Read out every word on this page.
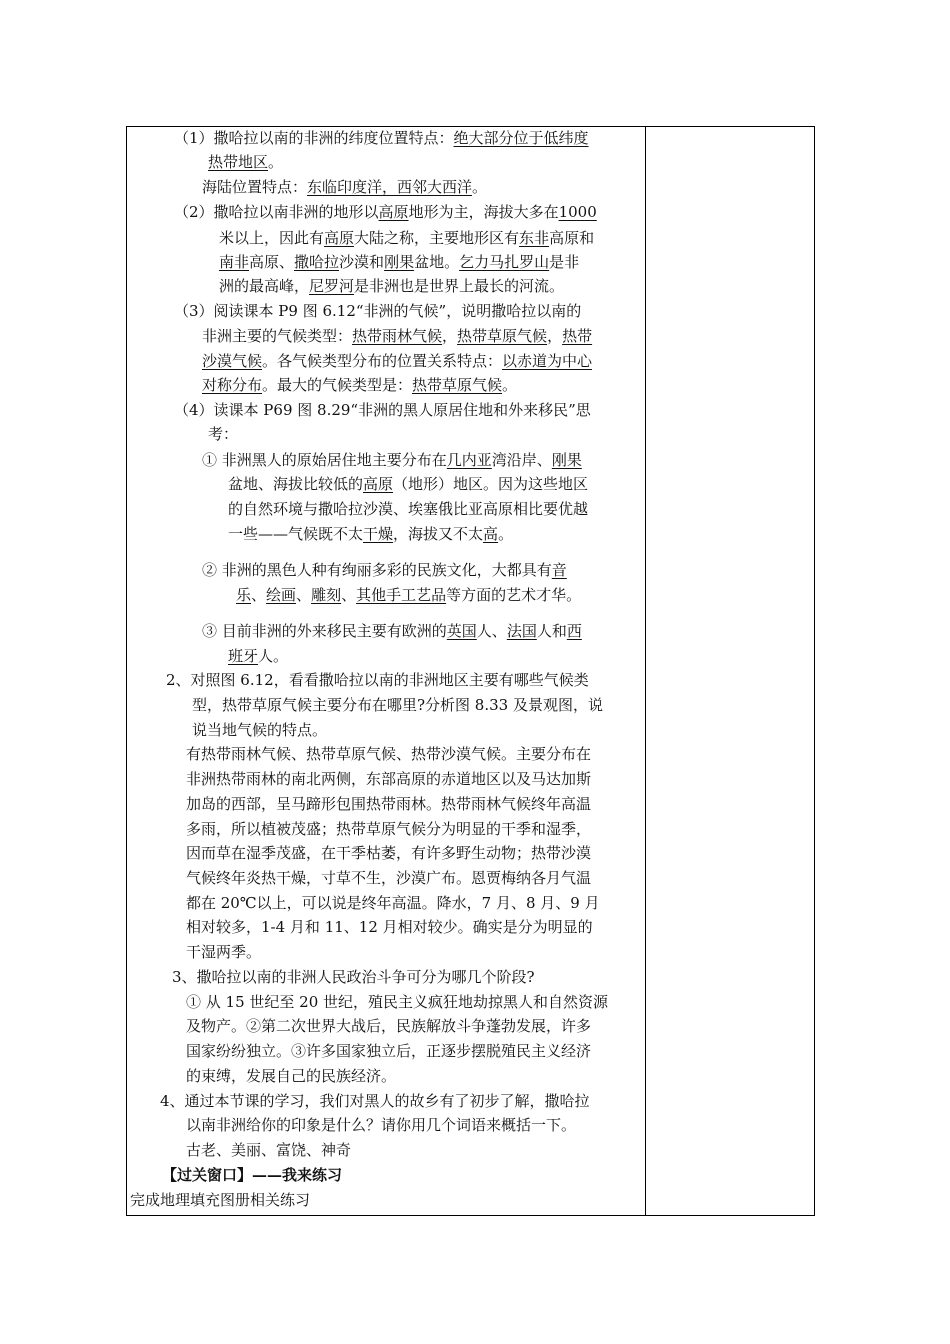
（1）撒哈拉以南的非洲的纬度位置特点：绝大部分位于低纬度
热带地区。
海陆位置特点：东临印度洋，西邻大西洋。
（2）撒哈拉以南非洲的地形以高原地形为主，海拔大多在1000
米以上，因此有高原大陆之称，主要地形区有东非高原和
南非高原、撒哈拉沙漠和刚果盆地。乞力马扎罗山是非
洲的最高峰，尼罗河是非洲也是世界上最长的河流。
（3）阅读课本 P9 图 6.12“非洲的气候”，说明撒哈拉以南的
非洲主要的气候类型：热带雨林气候，热带草原气候，热带
沙漠气候。各气候类型分布的位置关系特点：以赤道为中心
对称分布。最大的气候类型是：热带草原气候。
（4）读课本 P69 图 8.29“非洲的黑人原居住地和外来移民”思
考：
① 非洲黑人的原始居住地主要分布在几内亚湾沿岸、刚果
盆地、海拔比较低的高原（地形）地区。因为这些地区
的自然环境与撒哈拉沙漠、埃塞俄比亚高原相比要优越
一些——气候既不太干燥，海拔又不太高。
② 非洲的黑色人种有绚丽多彩的民族文化，大都具有音
乐、绘画、雕刻、其他手工艺品等方面的艺术才华。
③ 目前非洲的外来移民主要有欧洲的英国人、法国人和西
班牙人。
2、对照图 6.12，看看撒哈拉以南的非洲地区主要有哪些气候类
型，热带草原气候主要分布在哪里?分析图 8.33 及景观图，说
说当地气候的特点。
有热带雨林气候、热带草原气候、热带沙漠气候。主要分布在
非洲热带雨林的南北两侧，东部高原的赤道地区以及马达加斯
加岛的西部，呈马蹄形包围热带雨林。热带雨林气候终年高温
多雨，所以植被茂盛；热带草原气候分为明显的干季和湿季，
因而草在湿季茂盛，在干季枯萎，有许多野生动物；热带沙漠
气候终年炎热干燥，寸草不生，沙漠广布。恩贾梅纳各月气温
都在 20℃以上，可以说是终年高温。降水，7 月、8 月、9 月
相对较多，1-4 月和 11、12 月相对较少。确实是分为明显的
干湿两季。
3、撒哈拉以南的非洲人民政治斗争可分为哪几个阶段?
① 从 15 世纪至 20 世纪，殖民主义疯狂地劫掠黑人和自然资源
及物产。②第二次世界大战后，民族解放斗争蓬勃发展，许多
国家纷纷独立。③许多国家独立后，正逐步摆脱殖民主义经济
的束缚，发展自己的民族经济。
4、通过本节课的学习，我们对黑人的故乡有了初步了解，撒哈拉
以南非洲给你的印象是什么？请你用几个词语来概括一下。
古老、美丽、富饶、神奇
【过关窗口】——我来练习
完成地理填充图册相关练习
